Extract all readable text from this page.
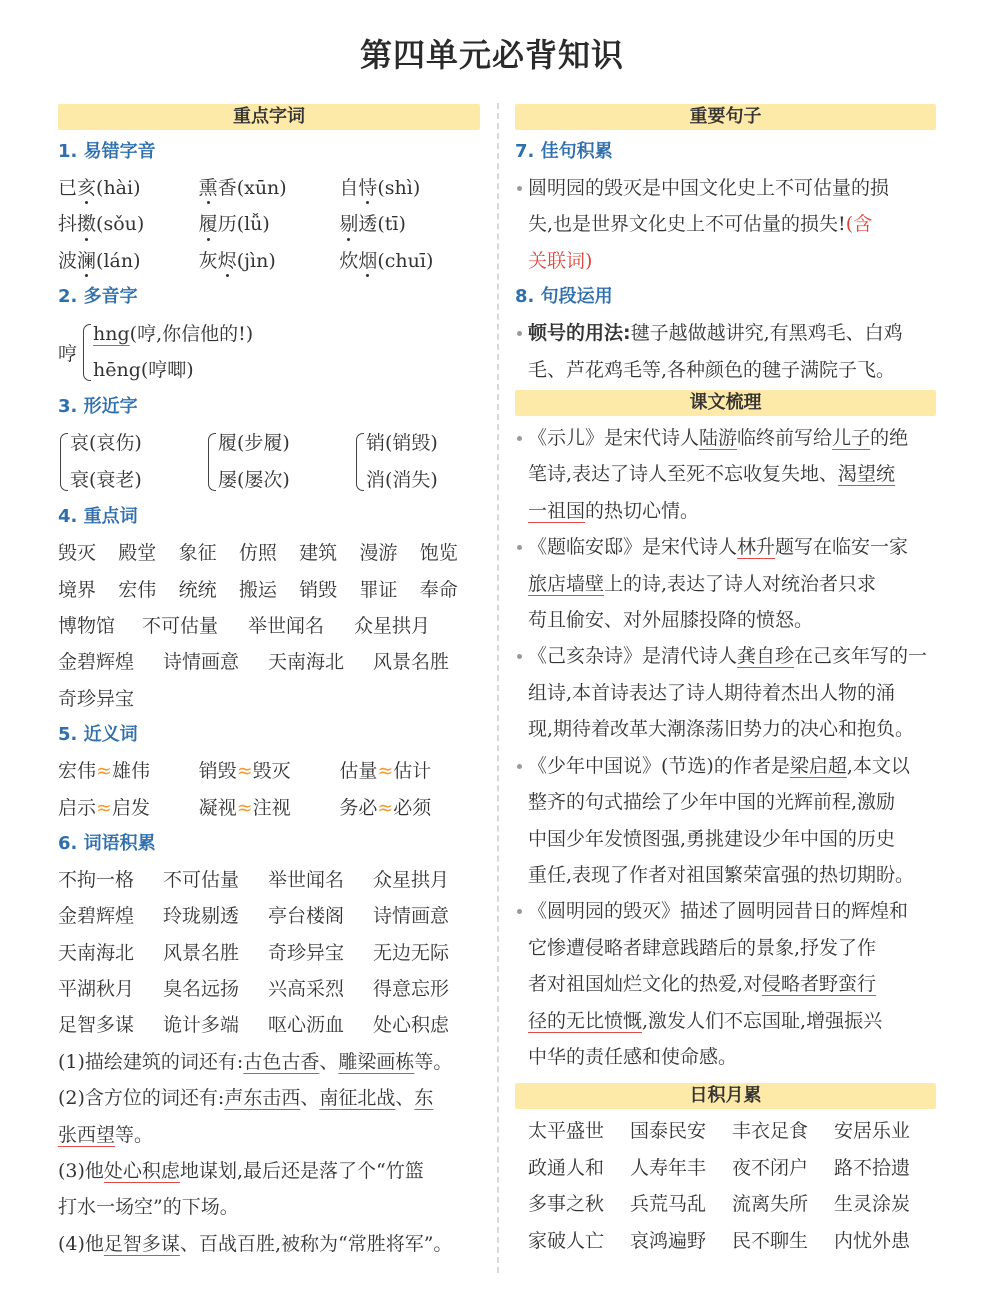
第四单元必背知识
重点字词
1. 易错字音
已亥(hài)	熏香(xūn)	自恃(shì)
抖擞(sǒu)	履历(lǚ)	剔透(tī)
波澜(lán)	灰烬(jìn)	炊烟(chuī)
2. 多音字
哼
hng(哼,你信他的!)
hēng(哼唧)
3. 形近字
哀(哀伤)
衰(衰老)
履(步履)
屡(屡次)
销(销毁)
消(消失)
4. 重点词
毁灭	殿堂	象征	仿照	建筑	漫游	饱览
境界	宏伟	统统	搬运	销毁	罪证	奉命
博物馆	不可估量	举世闻名	众星拱月
金碧辉煌	诗情画意	天南海北	风景名胜
奇珍异宝
5. 近义词
宏伟≈雄伟	销毁≈毁灭	估量≈估计
启示≈启发	凝视≈注视	务必≈必须
6. 词语积累
不拘一格	不可估量	举世闻名	众星拱月
金碧辉煌	玲珑剔透	亭台楼阁	诗情画意
天南海北	风景名胜	奇珍异宝	无边无际
平湖秋月	臭名远扬	兴高采烈	得意忘形
足智多谋	诡计多端	呕心沥血	处心积虑
(1)描绘建筑的词还有:古色古香、雕梁画栋等。
(2)含方位的词还有:声东击西、南征北战、东
张西望等。
(3)他处心积虑地谋划,最后还是落了个“竹篮
打水一场空”的下场。
(4)他足智多谋、百战百胜,被称为“常胜将军”。
重要句子
7. 佳句积累
圆明园的毁灭是中国文化史上不可估量的损
失,也是世界文化史上不可估量的损失!(含
关联词)
8. 句段运用
顿号的用法:毽子越做越讲究,有黑鸡毛、白鸡
毛、芦花鸡毛等,各种颜色的毽子满院子飞。
课文梳理
《示儿》是宋代诗人陆游临终前写给儿子的绝
笔诗,表达了诗人至死不忘收复失地、渴望统
一祖国的热切心情。
《题临安邸》是宋代诗人林升题写在临安一家
旅店墙壁上的诗,表达了诗人对统治者只求
苟且偷安、对外屈膝投降的愤怒。
《己亥杂诗》是清代诗人龚自珍在己亥年写的一
组诗,本首诗表达了诗人期待着杰出人物的涌
现,期待着改革大潮涤荡旧势力的决心和抱负。
《少年中国说》(节选)的作者是梁启超,本文以
整齐的句式描绘了少年中国的光辉前程,激励
中国少年发愤图强,勇挑建设少年中国的历史
重任,表现了作者对祖国繁荣富强的热切期盼。
《圆明园的毁灭》描述了圆明园昔日的辉煌和
它惨遭侵略者肆意践踏后的景象,抒发了作
者对祖国灿烂文化的热爱,对侵略者野蛮行
径的无比愤慨,激发人们不忘国耻,增强振兴
中华的责任感和使命感。
日积月累
太平盛世	国泰民安	丰衣足食	安居乐业
政通人和	人寿年丰	夜不闭户	路不拾遗
多事之秋	兵荒马乱	流离失所	生灵涂炭
家破人亡	哀鸿遍野	民不聊生	内忧外患
